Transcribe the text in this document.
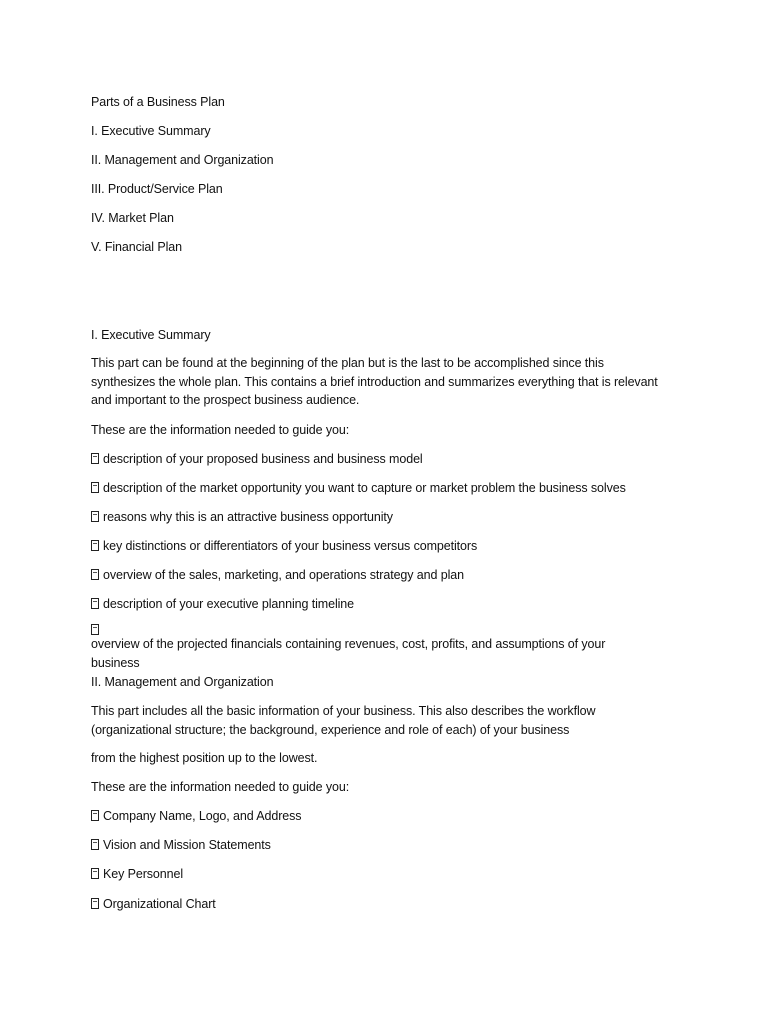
Parts of a Business Plan
I. Executive Summary
II. Management and Organization
III. Product/Service Plan
IV. Market Plan
V. Financial Plan
I. Executive Summary
This part can be found at the beginning of the plan but is the last to be accomplished since this
synthesizes the whole plan. This contains a brief introduction and summarizes everything that is relevant
and important to the prospect business audience.
These are the information needed to guide you:
description of your proposed business and business model
description of the market opportunity you want to capture or market problem the business solves
reasons why this is an attractive business opportunity
key distinctions or differentiators of your business versus competitors
overview of the sales, marketing, and operations strategy and plan
description of your executive planning timeline
overview of the projected financials containing revenues, cost, profits, and assumptions of your
business
II. Management and Organization
This part includes all the basic information of your business. This also describes the workflow
(organizational structure; the background, experience and role of each) of your business
from the highest position up to the lowest.
These are the information needed to guide you:
Company Name, Logo, and Address
Vision and Mission Statements
Key Personnel
Organizational Chart
